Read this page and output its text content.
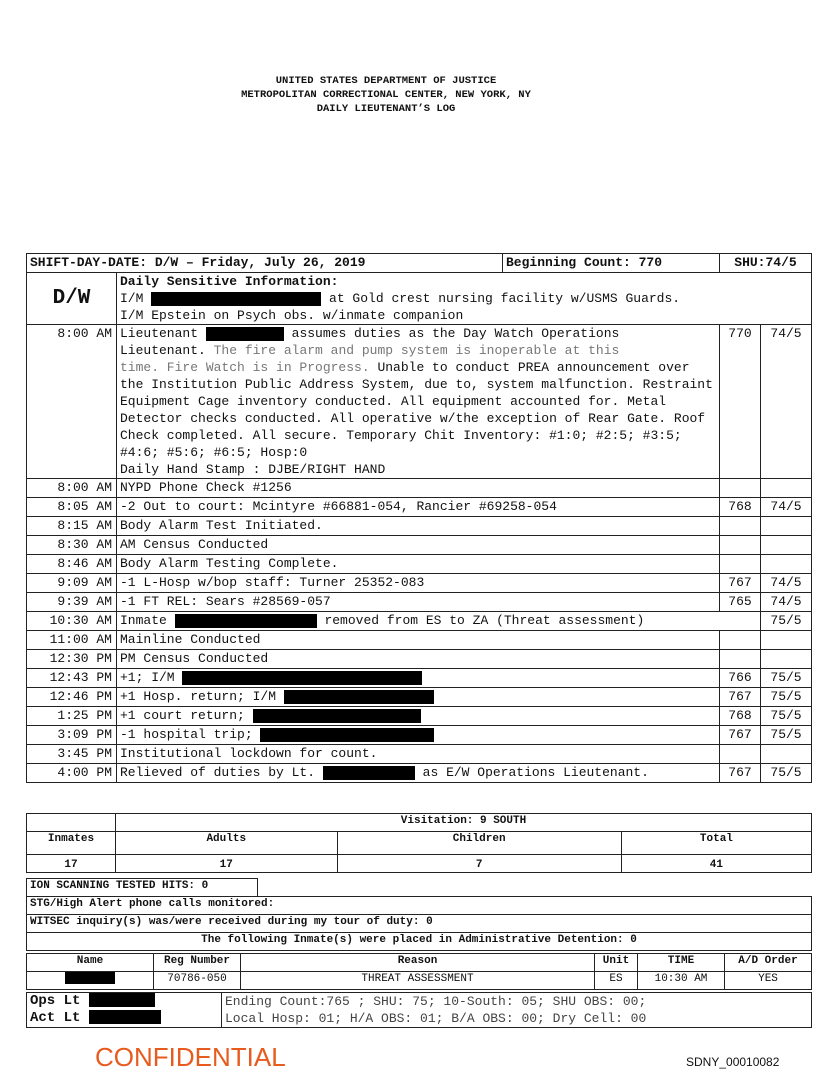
UNITED STATES DEPARTMENT OF JUSTICE
METROPOLITAN CORRECTIONAL CENTER, NEW YORK, NY
DAILY LIEUTENANT’S LOG
SHIFT-DAY-DATE: D/W – Friday, July 26, 2019		Beginning Count: 770	SHU:74/5	
D/W	Daily Sensitive Information:
I/M at Gold crest nursing facility w/USMS Guards.
I/M Epstein on Psych obs. w/inmate companion			

8:00 AM	Lieutenant assumes duties as the Day Watch Operations
Lieutenant. The fire alarm and pump system is inoperable at this
time. Fire Watch is in Progress. Unable to conduct PREA announcement over the Institution Public Address System, due to, system malfunction. Restraint Equipment Cage inventory conducted. All equipment accounted for. Metal Detector checks conducted. All operative w/the exception of Rear Gate. Roof Check completed. All secure. Temporary Chit Inventory: #1:0; #2:5; #3:5; #4:6; #5:6; #6:5; Hosp:0
Daily Hand Stamp : DJBE/RIGHT HAND		770	74/5
8:00 AM	NYPD Phone Check #1256			
8:05 AM	-2 Out to court: Mcintyre #66881-054, Rancier #69258-054		768	74/5
8:15 AM	Body Alarm Test Initiated.			
8:30 AM	AM Census Conducted			
8:46 AM	Body Alarm Testing Complete.			
9:09 AM	-1 L-Hosp w/bop staff: Turner 25352-083		767	74/5
9:39 AM	-1 FT REL: Sears #28569-057		765	74/5
10:30 AM	Inmate removed from ES to ZA (Threat assessment)			75/5
11:00 AM	Mainline Conducted			
12:30 PM	PM Census Conducted			
12:43 PM	+1; I/M		766	75/5
12:46 PM	+1 Hosp. return; I/M		767	75/5
1:25 PM	+1 court return;		768	75/5
3:09 PM	-1 hospital trip;		767	75/5
3:45 PM	Institutional lockdown for count.			
4:00 PM	Relieved of duties by Lt. as E/W Operations Lieutenant.		767	75/5
	Visitation: 9 SOUTH		
Inmates	Adults	Children	Total
17	17	7	41
ION SCANNING TESTED HITS: 0	
STG/High Alert phone calls monitored:
WITSEC inquiry(s) was/were received during my tour of duty: 0
The following Inmate(s) were placed in Administrative Detention: 0
Name	Reg Number	Reason	Unit	TIME	A/D Order
	70786-050	THREAT ASSESSMENT	ES	10:30 AM	YES
Ops Lt
Act Lt

Ending Count:765 ; SHU: 75; 10-South: 05; SHU OBS: 00;
Local Hosp: 01; H/A OBS: 01; B/A OBS: 00; Dry Cell: 00
CONFIDENTIAL	SDNY_00010082
